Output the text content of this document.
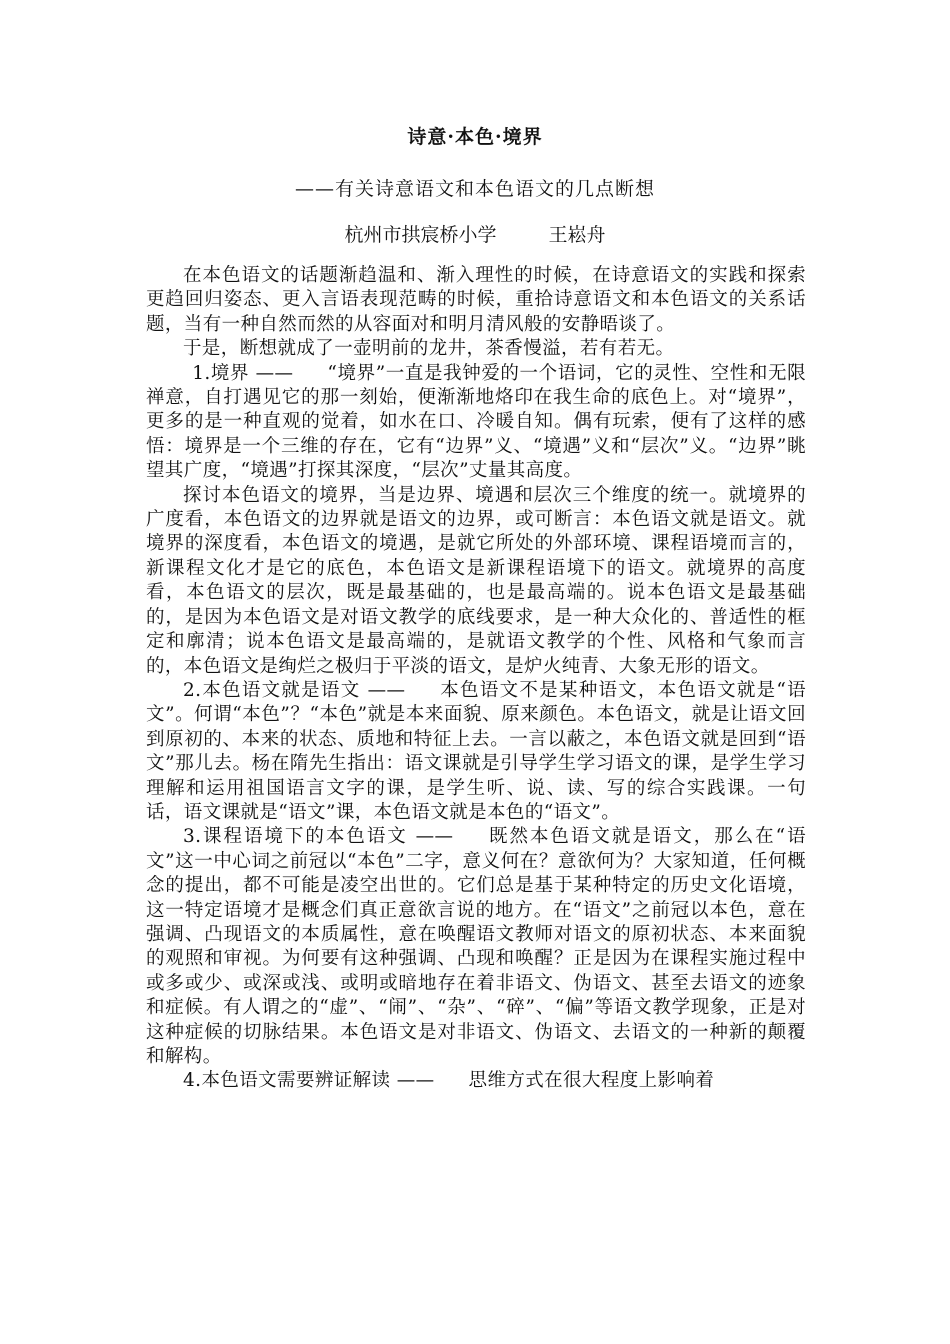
诗意·本色·境界
——有关诗意语文和本色语文的几点断想
杭州市拱宸桥小学	王崧舟

在本色语文的话题渐趋温和、渐入理性的时候，在诗意语文的实践和探索更趋回归姿态、更入言语表现范畴的时候，重拾诗意语文和本色语文的关系话题，当有一种自然而然的从容面对和明月清风般的安静晤谈了。

于是，断想就成了一壶明前的龙井，茶香慢溢，若有若无。

1.境界 —— “境界”一直是我钟爱的一个语词，它的灵性、空性和无限禅意，自打遇见它的那一刻始，便渐渐地烙印在我生命的底色上。对“境界”，更多的是一种直观的觉着，如水在口、冷暖自知。偶有玩索，便有了这样的感悟：境界是一个三维的存在，它有“边界”义、“境遇”义和“层次”义。“边界”眺望其广度，“境遇”打探其深度，“层次”丈量其高度。

探讨本色语文的境界，当是边界、境遇和层次三个维度的统一。就境界的广度看，本色语文的边界就是语文的边界，或可断言：本色语文就是语文。就境界的深度看，本色语文的境遇，是就它所处的外部环境、课程语境而言的，新课程文化才是它的底色，本色语文是新课程语境下的语文。就境界的高度看，本色语文的层次，既是最基础的，也是最高端的。说本色语文是最基础的，是因为本色语文是对语文教学的底线要求，是一种大众化的、普适性的框定和廓清；说本色语文是最高端的，是就语文教学的个性、风格和气象而言的，本色语文是绚烂之极归于平淡的语文，是炉火纯青、大象无形的语文。

2.本色语文就是语文 —— 本色语文不是某种语文，本色语文就是“语文”。何谓“本色”？“本色”就是本来面貌、原来颜色。本色语文，就是让语文回到原初的、本来的状态、质地和特征上去。一言以蔽之，本色语文就是回到“语文”那儿去。杨在隋先生指出：语文课就是引导学生学习语文的课，是学生学习理解和运用祖国语言文字的课，是学生听、说、读、写的综合实践课。一句话，语文课就是“语文”课，本色语文就是本色的“语文”。

3.课程语境下的本色语文 —— 既然本色语文就是语文，那么在“语文”这一中心词之前冠以“本色”二字，意义何在？意欲何为？大家知道，任何概念的提出，都不可能是凌空出世的。它们总是基于某种特定的历史文化语境，这一特定语境才是概念们真正意欲言说的地方。在“语文”之前冠以本色，意在强调、凸现语文的本质属性，意在唤醒语文教师对语文的原初状态、本来面貌的观照和审视。为何要有这种强调、凸现和唤醒？正是因为在课程实施过程中或多或少、或深或浅、或明或暗地存在着非语文、伪语文、甚至去语文的迹象和症候。有人谓之的“虚”、“闹”、“杂”、“碎”、“偏”等语文教学现象，正是对这种症候的切脉结果。本色语文是对非语文、伪语文、去语文的一种新的颠覆和解构。

4.本色语文需要辨证解读 —— 思维方式在很大程度上影响着
